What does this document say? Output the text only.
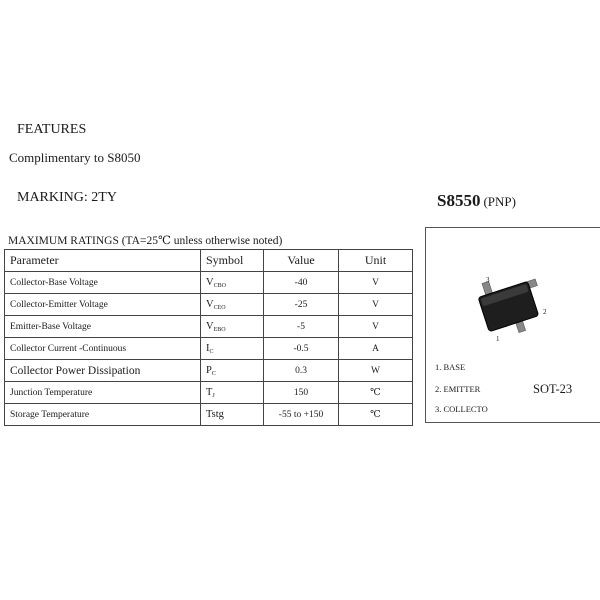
FEATURES
Complimentary to S8050
MARKING: 2TY	S8550 (PNP)
MAXIMUM RATINGS (TA=25℃ unless otherwise noted)
Parameter	Symbol	Value	Unit
Collector-Base Voltage	$V_{CBO}$	-40	V
Collector-Emitter Voltage	$V_{CEO}$	-25	V
Emitter-Base Voltage	$V_{EBO}$	-5	V
Collector Current -Continuous	$I_C$	-0.5	A
Collector Power Dissipation	$P_C$	0.3	W
Junction Temperature	$T_J$	150	℃
Storage Temperature	Tstg	-55 to +150	℃
3
2
1
1. BASE
2. EMITTER
3. COLLECTO
SOT-23
